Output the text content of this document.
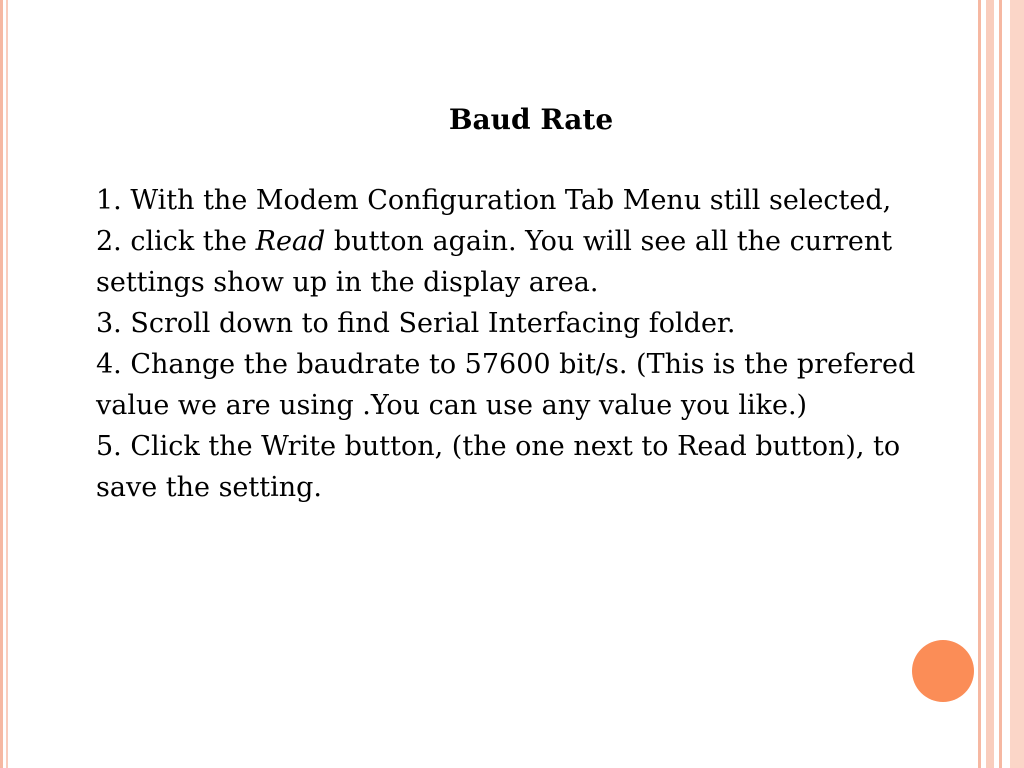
Baud Rate
1. With the Modem Configuration Tab Menu still selected,
2. click the Read button again. You will see all the current settings show up in the display area.
3. Scroll down to find Serial Interfacing folder.
4. Change the baudrate to 57600 bit/s. (This is the prefered value we are using .You can use any value you like.)
5. Click the Write button, (the one next to Read button), to save the setting.
